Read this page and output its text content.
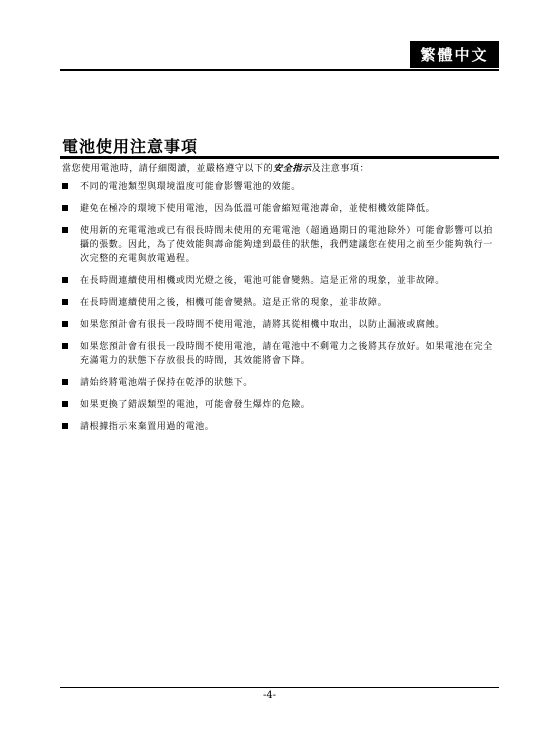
繁體中文
電池使用注意事項
當您使用電池時，請仔細閱讀，並嚴格遵守以下的安全指示及注意事項：
不同的電池類型與環境溫度可能會影響電池的效能。
避免在極冷的環境下使用電池，因為低溫可能會縮短電池壽命，並使相機效能降低。
使用新的充電電池或已有很長時間未使用的充電電池（超過過期日的電池除外）可能會影響可以拍攝的張數。因此，為了使效能與壽命能夠達到最佳的狀態，我們建議您在使用之前至少能夠執行一次完整的充電與放電過程。
在長時間連續使用相機或閃光燈之後，電池可能會變熱。這是正常的現象，並非故障。
在長時間連續使用之後，相機可能會變熱。這是正常的現象，並非故障。
如果您預計會有很長一段時間不使用電池，請將其從相機中取出，以防止漏液或腐蝕。
如果您預計會有很長一段時間不使用電池，請在電池中不剩電力之後將其存放好。如果電池在完全充滿電力的狀態下存放很長的時間，其效能將會下降。
請始終將電池端子保持在乾淨的狀態下。
如果更換了錯誤類型的電池，可能會發生爆炸的危險。
請根據指示來棄置用過的電池。
-4-
